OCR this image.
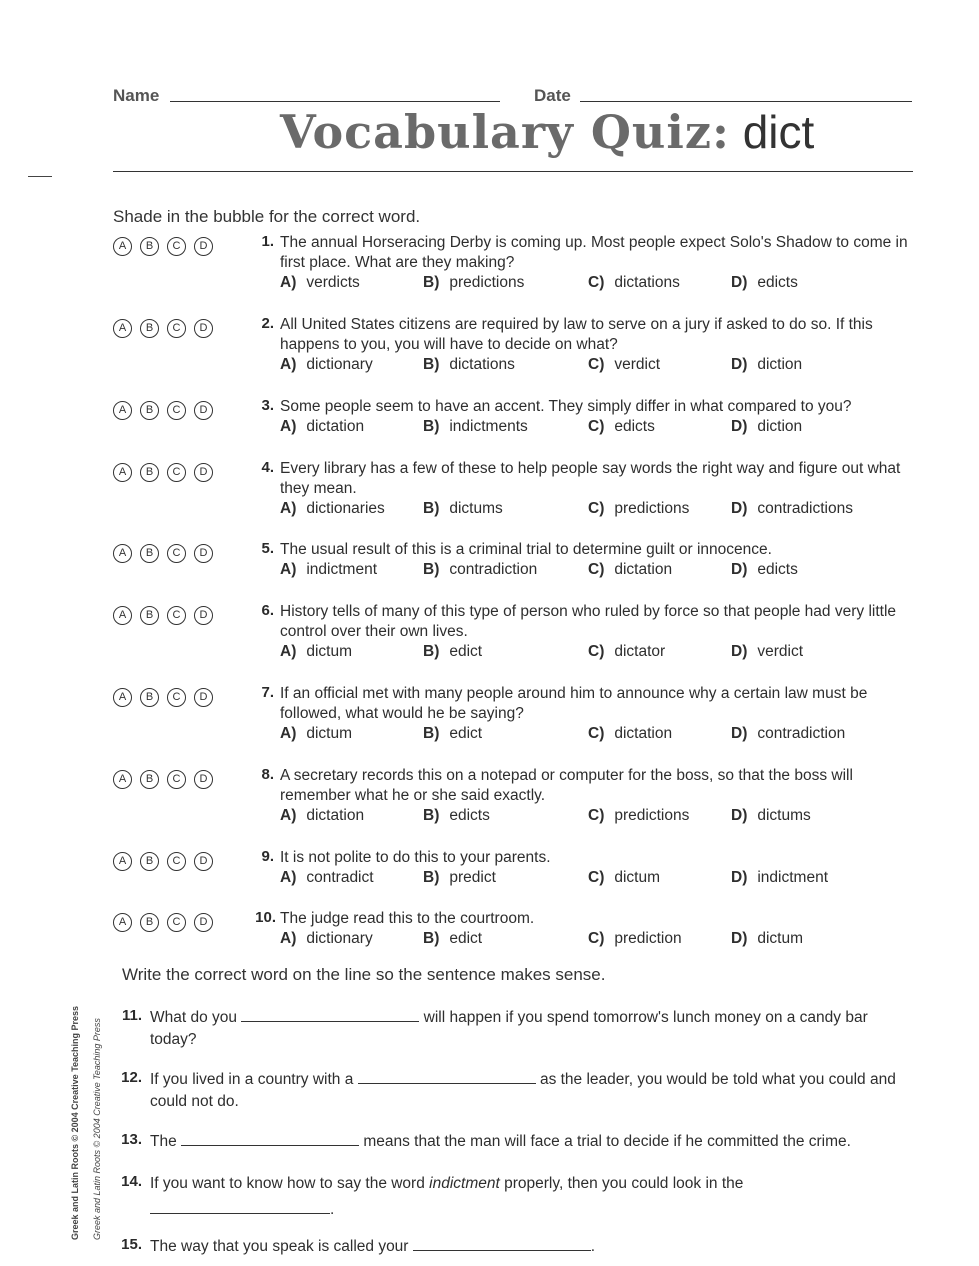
Name	Date
Vocabulary Quiz: dict
Shade in the bubble for the correct word.
A B C D	1. The annual Horseracing Derby is coming up. Most people expect Solo's Shadow to come in first place. What are they making?
A) verdicts	B) predictions	C) dictations	D) edicts
A B C D	2. All United States citizens are required by law to serve on a jury if asked to do so. If this happens to you, you will have to decide on what?
A) dictionary	B) dictations	C) verdict	D) diction
A B C D	3. Some people seem to have an accent. They simply differ in what compared to you?
A) dictation	B) indictments	C) edicts	D) diction
A B C D	4. Every library has a few of these to help people say words the right way and figure out what they mean.
A) dictionaries B) dictums	C) predictions	D) contradictions
A B C D	5. The usual result of this is a criminal trial to determine guilt or innocence.
A) indictment	B) contradiction	C) dictation	D) edicts
A B C D	6. History tells of many of this type of person who ruled by force so that people had very little control over their own lives.
A) dictum	B) edict	C) dictator	D) verdict
A B C D	7. If an official met with many people around him to announce why a certain law must be followed, what would he be saying?
A) dictum	B) edict	C) dictation	D) contradiction
A B C D	8. A secretary records this on a notepad or computer for the boss, so that the boss will remember what he or she said exactly.
A) dictation	B) edicts	C) predictions	D) dictums
A B C D	9. It is not polite to do this to your parents.
A) contradict	B) predict	C) dictum	D) indictment
A B C D	10. The judge read this to the courtroom.
A) dictionary	B) edict	C) prediction	D) dictum
Write the correct word on the line so the sentence makes sense.
11. What do you	will happen if you spend tomorrow's lunch money on a candy bar today?
12. If you lived in a country with a	as the leader, you would be told what you could and could not do.
13. The	means that the man will face a trial to decide if he committed the crime.
14. If you want to know how to say the word indictment properly, then you could look in the
.
15. The way that you speak is called your	.
Greek and Latin Roots © 2004 Creative Teaching Press Greek and Latin Roots © 2004 Creative Teaching Press
